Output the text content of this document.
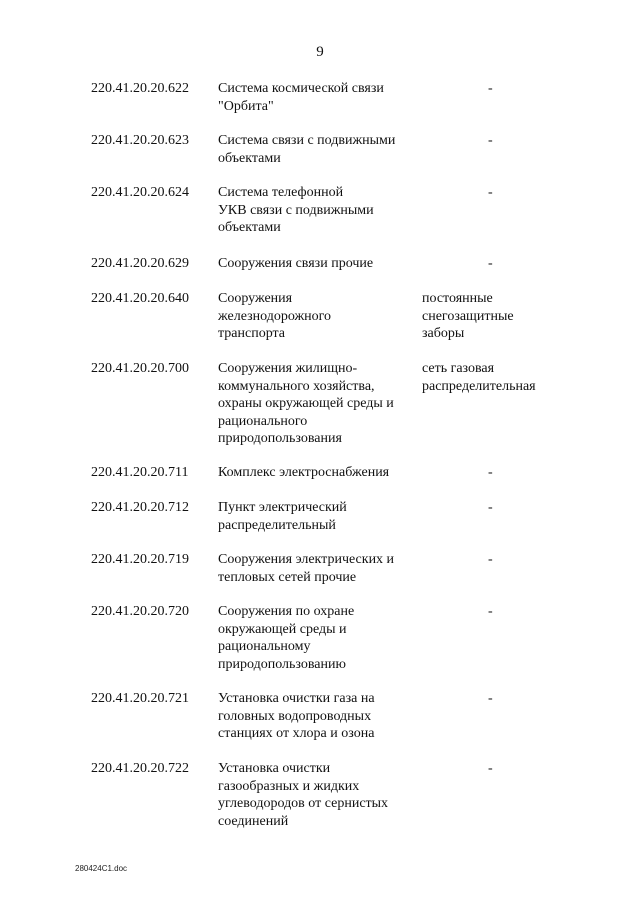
9
220.41.20.20.622 Система космической связи
"Орбита"
-
220.41.20.20.623 Система связи с подвижными
объектами
-
220.41.20.20.624 Система телефонной
УКВ связи с подвижными
объектами
-
220.41.20.20.629 Сооружения связи прочие	-
220.41.20.20.640 Сооружения
железнодорожного
транспорта
постоянные
снегозащитные
заборы
220.41.20.20.700 Сооружения жилищно-
коммунального хозяйства,
охраны окружающей среды и
рационального
природопользования
сеть газовая
распределительная
220.41.20.20.711 Комплекс электроснабжения	-
220.41.20.20.712 Пункт электрический
распределительный
-
220.41.20.20.719 Сооружения электрических и
тепловых сетей прочие
-
220.41.20.20.720 Сооружения по охране
окружающей среды и
рациональному
природопользованию
-
220.41.20.20.721 Установка очистки газа на
головных водопроводных
станциях от хлора и озона
-
220.41.20.20.722 Установка очистки
газообразных и жидких
углеводородов от сернистых
соединений
-
280424С1.doc
